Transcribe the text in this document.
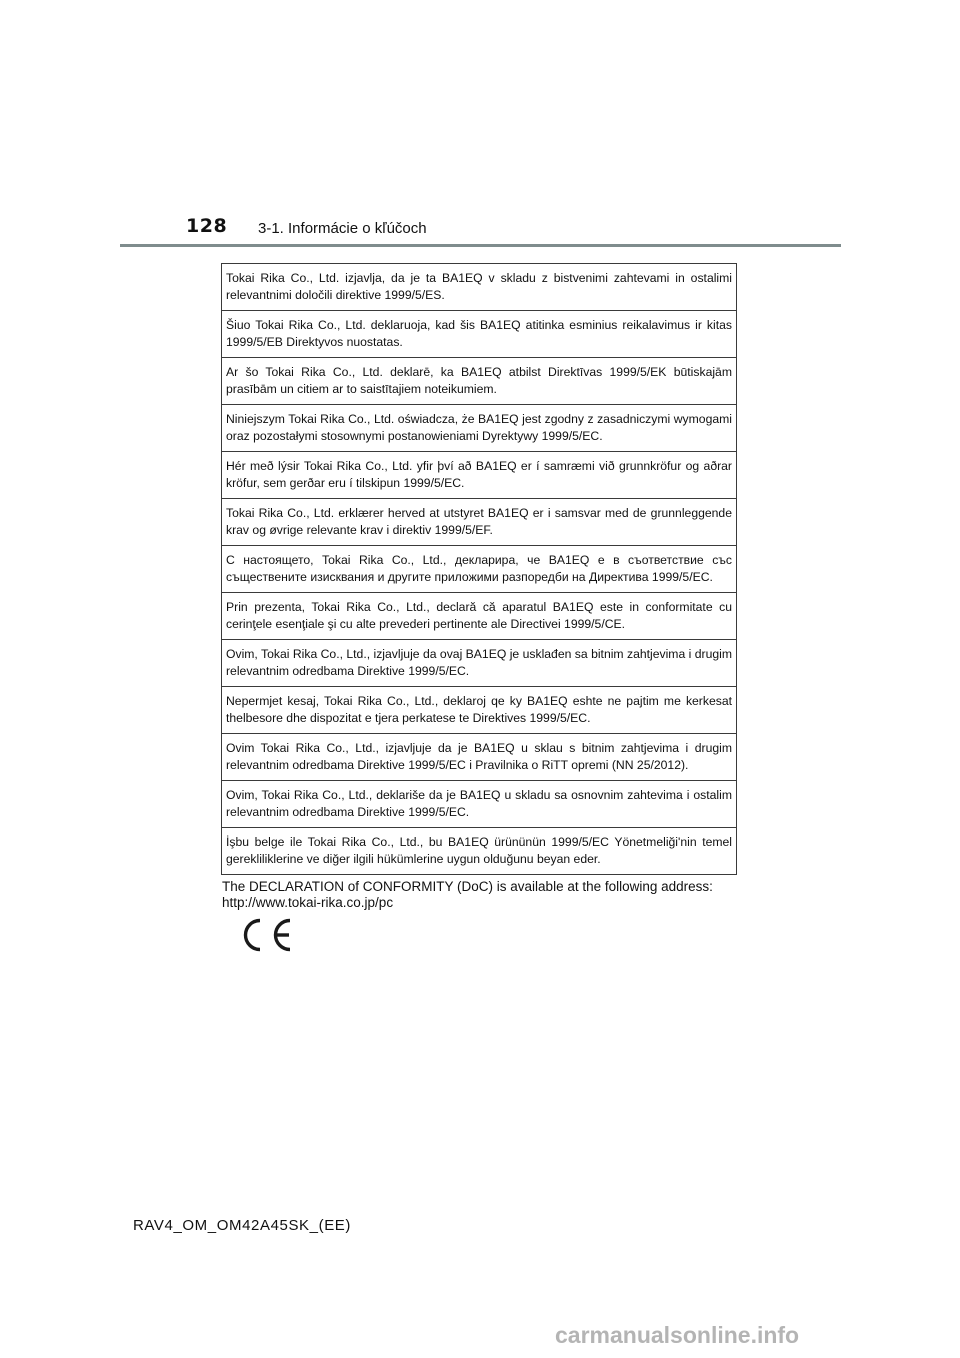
128 3-1. Informácie o kľúčoch
Tokai Rika Co., Ltd. izjavlja, da je ta BA1EQ v skladu z bistvenimi zahtevami in ostalimi relevantnimi določili direktive 1999/5/ES.
Šiuo Tokai Rika Co., Ltd. deklaruoja, kad šis BA1EQ atitinka esminius reikalavimus ir kitas 1999/5/EB Direktyvos nuostatas.
Ar šo Tokai Rika Co., Ltd. deklarē, ka BA1EQ atbilst Direktīvas 1999/5/EK būtiskajām prasībām un citiem ar to saistītajiem noteikumiem.
Niniejszym Tokai Rika Co., Ltd. oświadcza, że BA1EQ jest zgodny z zasadniczymi wymogami oraz pozostałymi stosownymi postanowieniami Dyrektywy 1999/5/EC.
Hér með lýsir Tokai Rika Co., Ltd. yfir því að BA1EQ er í samræmi við grunnkröfur og aðrar kröfur, sem gerðar eru í tilskipun 1999/5/EC.
Tokai Rika Co., Ltd. erklærer herved at utstyret BA1EQ er i samsvar med de grunnleggende krav og øvrige relevante krav i direktiv 1999/5/EF.
С настоящето, Tokai Rika Co., Ltd., декларира, че BA1EQ е в съответствие със съществените изисквания и другите приложими разпоредби на Директива 1999/5/EC.
Prin prezenta, Tokai Rika Co., Ltd., declară că aparatul BA1EQ este in conformitate cu cerinţele esenţiale şi cu alte prevederi pertinente ale Directivei 1999/5/CE.
Ovim, Tokai Rika Co., Ltd., izjavljuje da ovaj BA1EQ je usklađen sa bitnim zahtjevima i drugim relevantnim odredbama Direktive 1999/5/EC.
Nepermjet kesaj, Tokai Rika Co., Ltd., deklaroj qe ky BA1EQ eshte ne pajtim me kerkesat thelbesore dhe dispozitat e tjera perkatese te Direktives 1999/5/EC.
Ovim Tokai Rika Co., Ltd., izjavljuje da je BA1EQ u sklau s bitnim zahtjevima i drugim relevantnim odredbama Direktive 1999/5/EC i Pravilnika o RiTT opremi (NN 25/2012).
Ovim, Tokai Rika Co., Ltd., deklariše da je BA1EQ u skladu sa osnovnim zahtevima i ostalim relevantnim odredbama Direktive 1999/5/EC.
İşbu belge ile Tokai Rika Co., Ltd., bu BA1EQ ürününün 1999/5/EC Yönetmeliği'nin temel gerekliliklerine ve diğer ilgili hükümlerine uygun olduğunu beyan eder.
The DECLARATION of CONFORMITY (DoC) is available at the following address:
http://www.tokai-rika.co.jp/pc
RAV4_OM_OM42A45SK_(EE)
carmanualsonline.info
